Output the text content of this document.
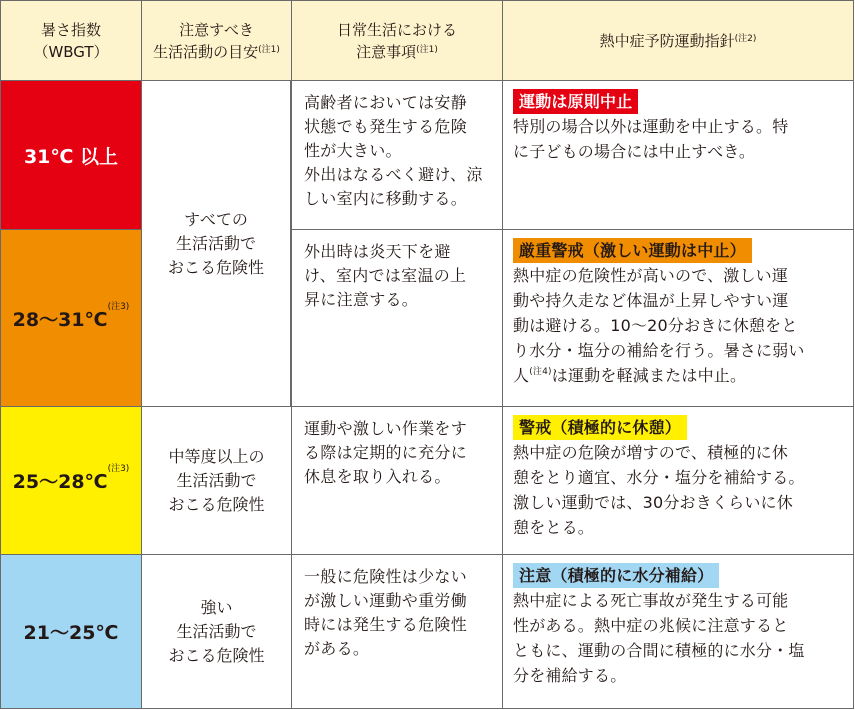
暑さ指数
（WBGT）
注意すべき
生活活動の目安$^{(注1)}$
日常生活における
注意事項$^{(注1)}$	熱中症予防運動指針$^{(注2)}$
31℃ 以上
高齢者においては安静
状態でも発生する危険
性が大きい。
外出はなるべく避け、涼
しい室内に移動する。
運動は原則中止
特別の場合以外は運動を中止する。特
に子どもの場合には中止すべき。
28〜31℃$^{(注3)}$
外出時は炎天下を避
け、室内では室温の上
昇に注意する。
厳重警戒（激しい運動は中止）
熱中症の危険性が高いので、激しい運
動や持久走など体温が上昇しやすい運
動は避ける。10〜20分おきに休憩をと
り水分・塩分の補給を行う。暑さに弱い
人$^{(注4)}$は運動を軽減または中止。
25〜28℃$^{(注3)}$
中等度以上の
生活活動で
おこる危険性
運動や激しい作業をす
る際は定期的に充分に
休息を取り入れる。
警戒（積極的に休憩）
熱中症の危険が増すので、積極的に休
憩をとり適宜、水分・塩分を補給する。
激しい運動では、30分おきくらいに休
憩をとる。
21〜25℃
強い
生活活動で
おこる危険性
一般に危険性は少ない
が激しい運動や重労働
時には発生する危険性
がある。
注意（積極的に水分補給）
熱中症による死亡事故が発生する可能
性がある。熱中症の兆候に注意すると
ともに、運動の合間に積極的に水分・塩
分を補給する。
すべての
生活活動で
おこる危険性
